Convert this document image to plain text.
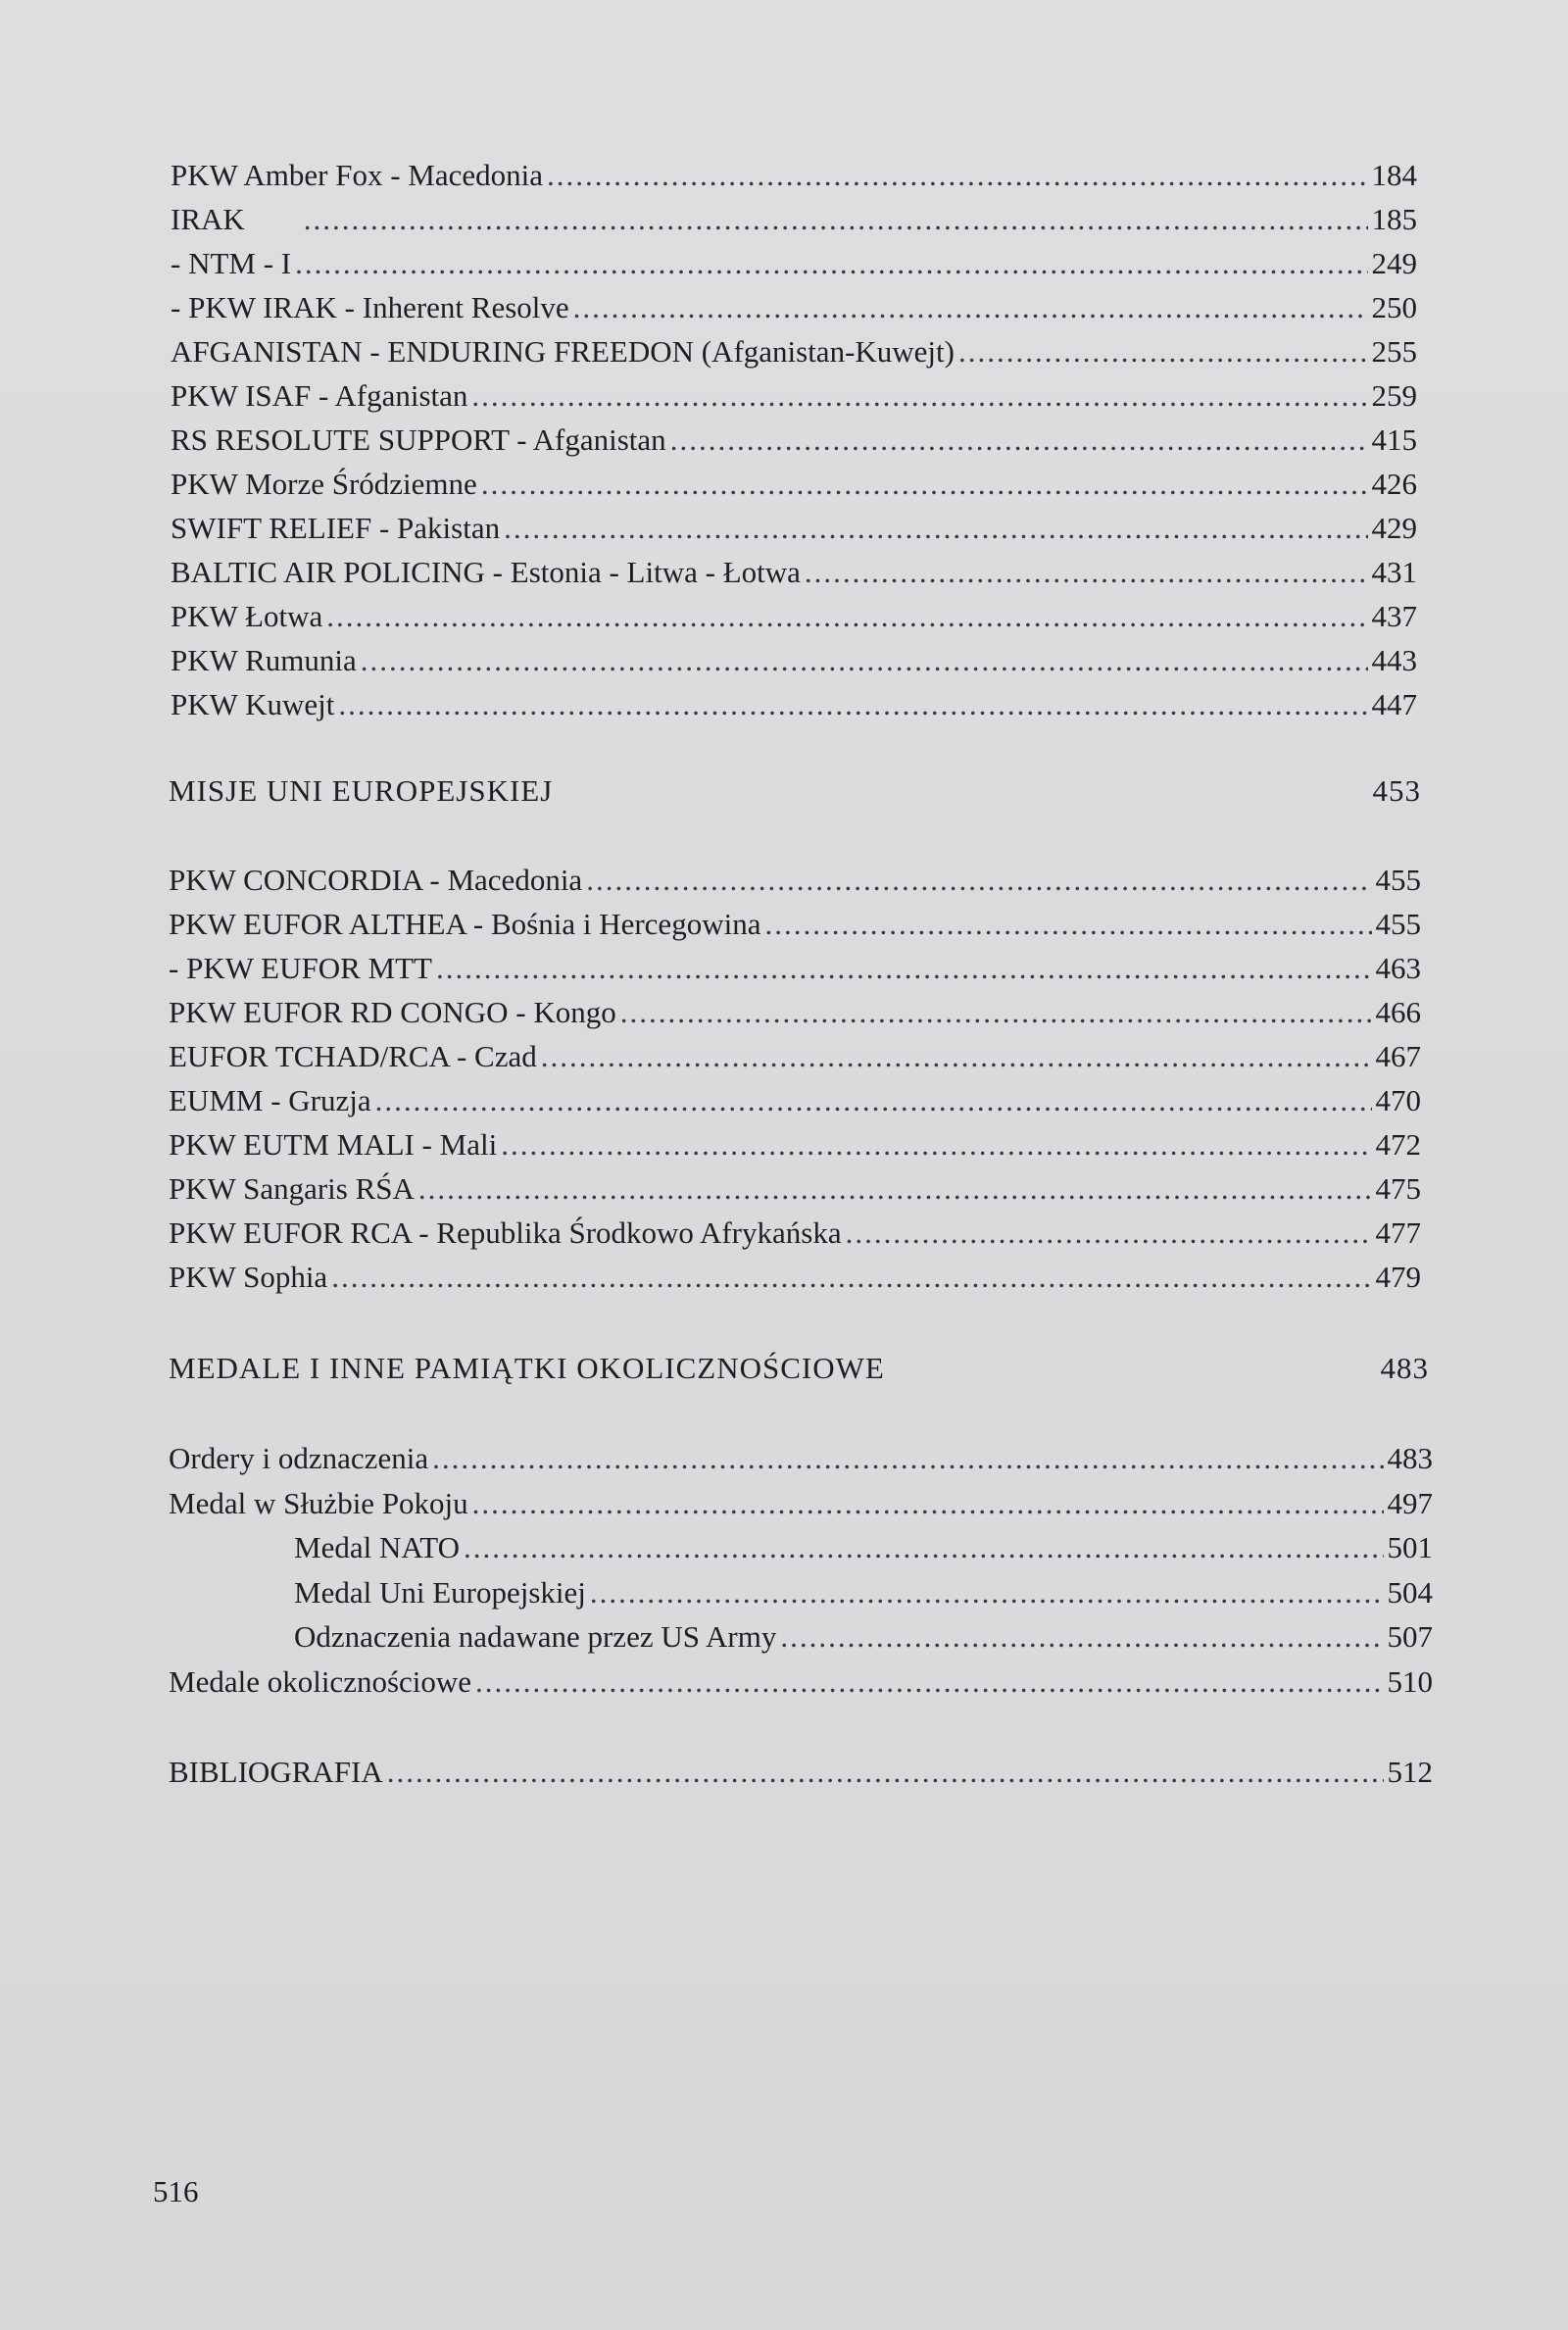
PKW Amber Fox - Macedonia .....	184
IRAK .....	185
- NTM - I .....	249
- PKW IRAK - Inherent Resolve .....	250
AFGANISTAN - ENDURING FREEDON (Afganistan-Kuwejt) .....	255
PKW ISAF - Afganistan .....	259
RS RESOLUTE SUPPORT - Afganistan .....	415
PKW Morze Śródziemne .....	426
SWIFT RELIEF - Pakistan .....	429
BALTIC AIR POLICING - Estonia - Litwa - Łotwa .....	431
PKW Łotwa .....	437
PKW Rumunia .....	443
PKW Kuwejt .....	447
MISJE UNI EUROPEJSKIEJ	453
PKW CONCORDIA - Macedonia .....	455
PKW EUFOR ALTHEA - Bośnia i Hercegowina .....	455
- PKW EUFOR MTT .....	463
PKW EUFOR RD CONGO - Kongo .....	466
EUFOR TCHAD/RCA - Czad .....	467
EUMM - Gruzja .....	470
PKW EUTM MALI - Mali .....	472
PKW Sangaris RŚA .....	475
PKW EUFOR RCA - Republika Środkowo Afrykańska .....	477
PKW Sophia .....	479
MEDALE I INNE PAMIĄTKI OKOLICZNOŚCIOWE	483
Ordery i odznaczenia .....	483
Medal w Służbie Pokoju .....	497
Medal NATO .....	501
Medal Uni Europejskiej .....	504
Odznaczenia nadawane przez US Army .....	507
Medale okolicznościowe .....	510
BIBLIOGRAFIA .....	512
516
